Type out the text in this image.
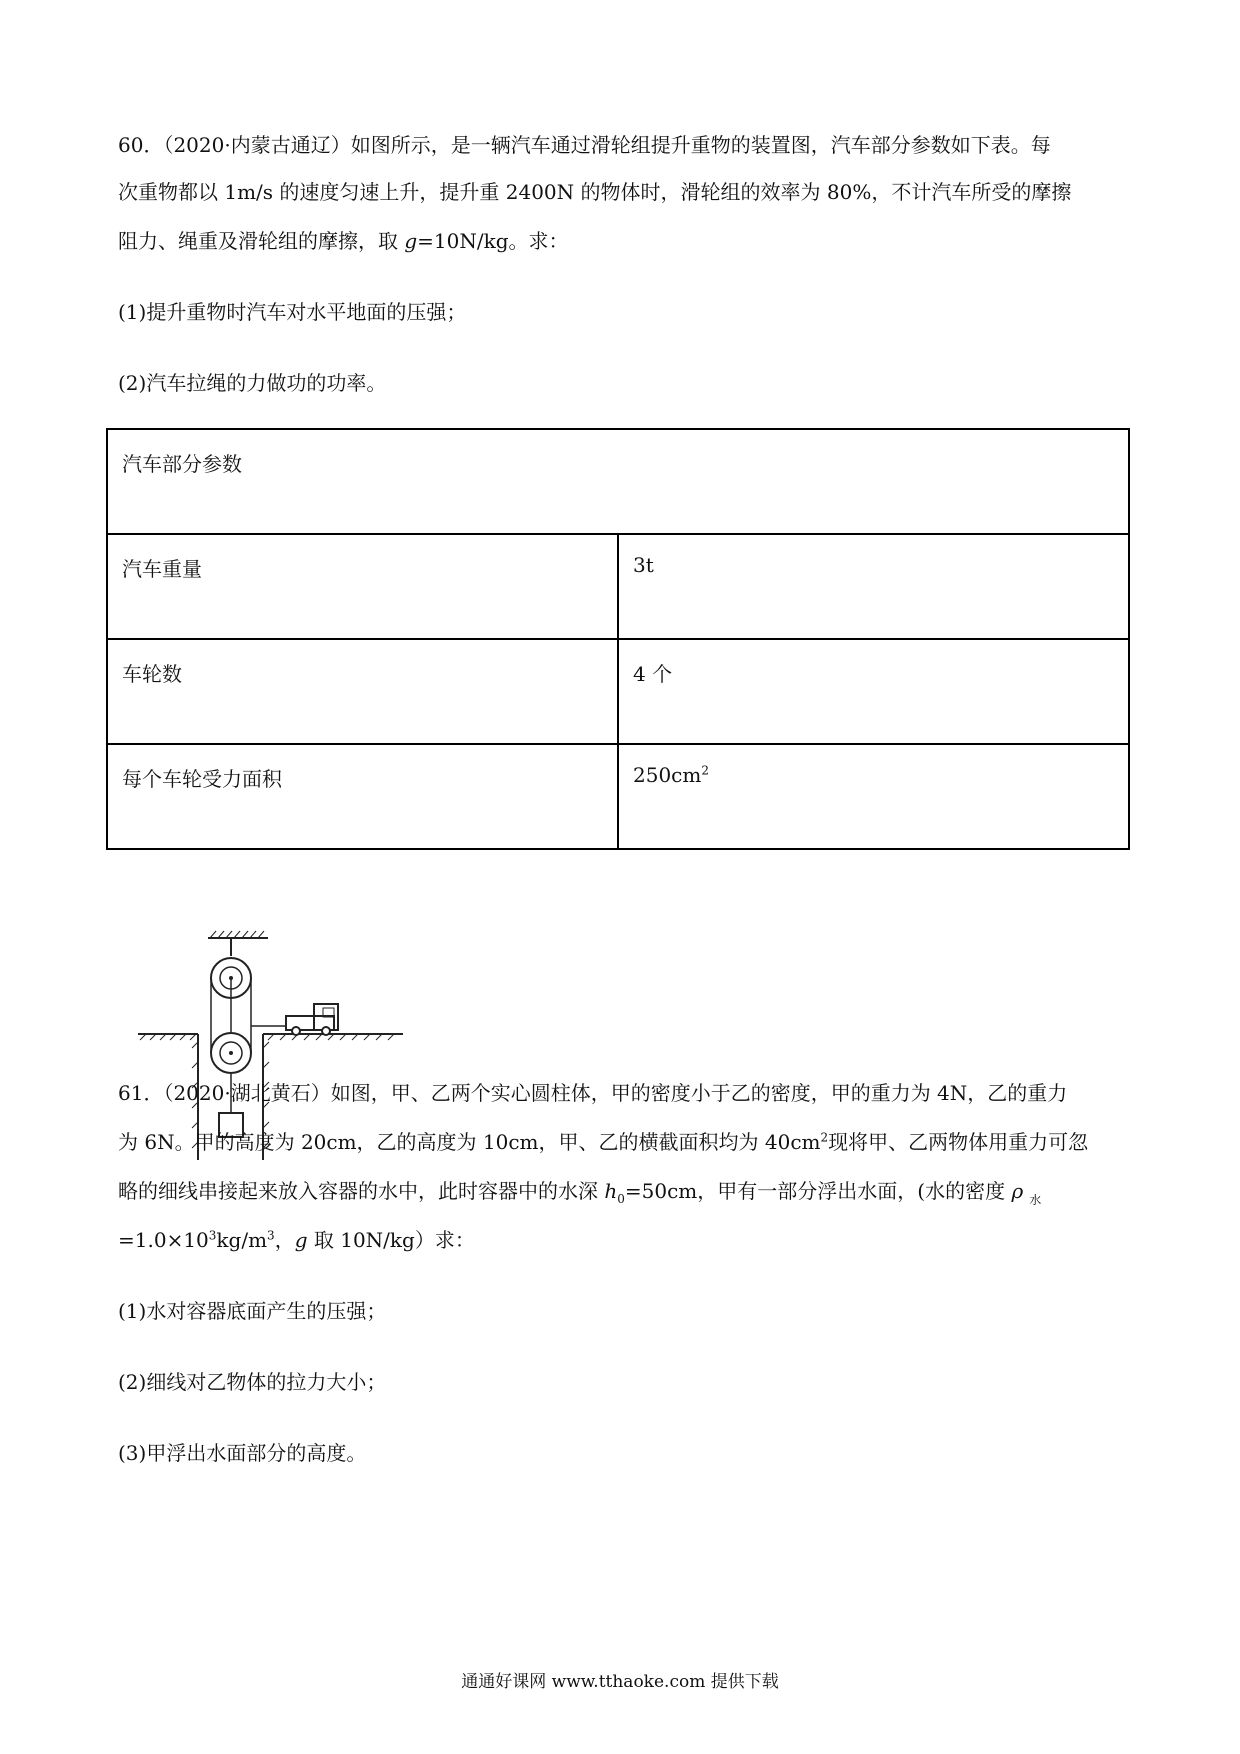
60．（2020·内蒙古通辽）如图所示，是一辆汽车通过滑轮组提升重物的装置图，汽车部分参数如下表。每
次重物都以 1m/s 的速度匀速上升，提升重 2400N 的物体时，滑轮组的效率为 80%，不计汽车所受的摩擦
阻力、绳重及滑轮组的摩擦，取 g=10N/kg。求：
(1)提升重物时汽车对水平地面的压强；
(2)汽车拉绳的力做功的功率。
汽车部分参数	
汽车重量	3t
车轮数	4 个
每个车轮受力面积	$250cm^2$
61．（2020·湖北黄石）如图，甲、乙两个实心圆柱体，甲的密度小于乙的密度，甲的重力为 4N，乙的重力
为 6N。甲的高度为 20cm，乙的高度为 10cm，甲、乙的横截面积均为 $40cm^2$现将甲、乙两物体用重力可忽
略的细线串接起来放入容器的水中，此时容器中的水深 $h_0=50cm$，甲有一部分浮出水面，(水的密度 ρ $_水$
$=1.0\times 10^3kg/m^3$，g 取 10N/kg）求：
(1)水对容器底面产生的压强；
(2)细线对乙物体的拉力大小；
(3)甲浮出水面部分的高度。
通通好课网 www.tthaoke.com 提供下载
